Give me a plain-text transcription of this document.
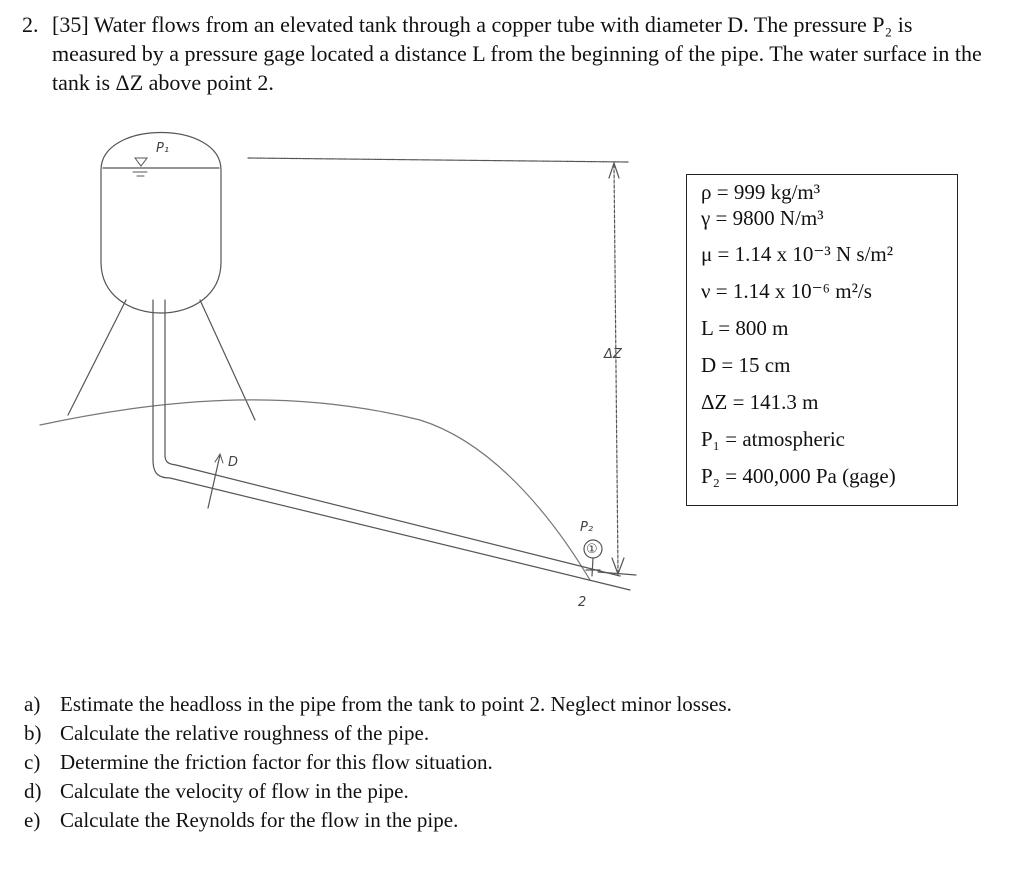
2. [35] Water flows from an elevated tank through a copper tube with diameter D. The pressure P₂ is measured by a pressure gage located a distance L from the beginning of the pipe. The water surface in the tank is ΔZ above point 2.
P₁
ΔZ
D
P₂
①
2
ρ = 999 kg/m³
γ = 9800 N/m³
μ = 1.14 x 10⁻³ N s/m²
ν = 1.14 x 10⁻⁶ m²/s
L = 800 m
D = 15 cm
ΔZ = 141.3 m
P₁ = atmospheric
P₂ = 400,000 Pa (gage)
a) Estimate the headloss in the pipe from the tank to point 2. Neglect minor losses.
b) Calculate the relative roughness of the pipe.
c) Determine the friction factor for this flow situation.
d) Calculate the velocity of flow in the pipe.
e) Calculate the Reynolds for the flow in the pipe.
